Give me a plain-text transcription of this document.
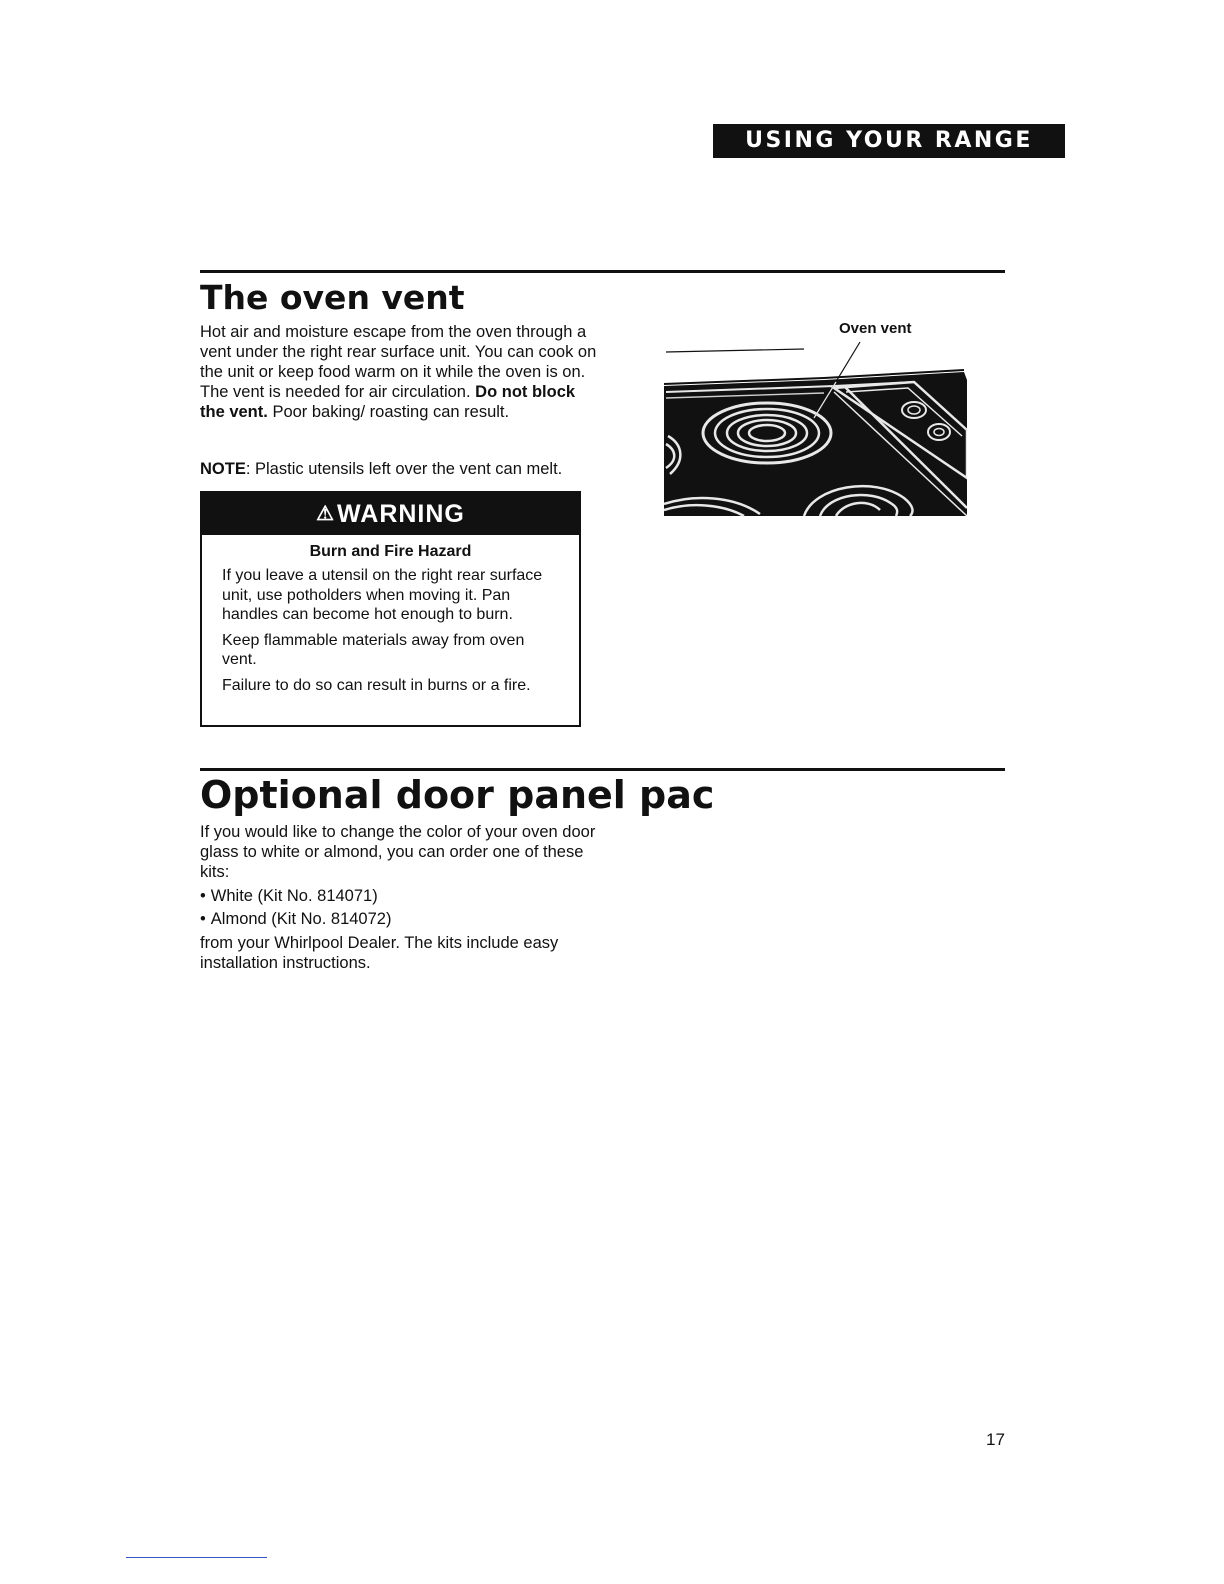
USING YOUR RANGE
The oven vent

Hot air and moisture escape from the oven through a vent under the right rear surface unit. You can cook on the unit or keep food warm on it while the oven is on. The vent is needed for air circulation. Do not block the vent. Poor baking/ roasting can result.

NOTE: Plastic utensils left over the vent can melt.

⚠WARNING
Burn and Fire Hazard

If you leave a utensil on the right rear surface unit, use potholders when moving it. Pan handles can become hot enough to burn.

Keep flammable materials away from oven vent.

Failure to do so can result in burns or a fire.

Oven vent
Optional door panel pac

If you would like to change the color of your oven door glass to white or almond, you can order one of these kits:

• White (Kit No. 814071)
• Almond (Kit No. 814072)

from your Whirlpool Dealer. The kits include easy installation instructions.

17
